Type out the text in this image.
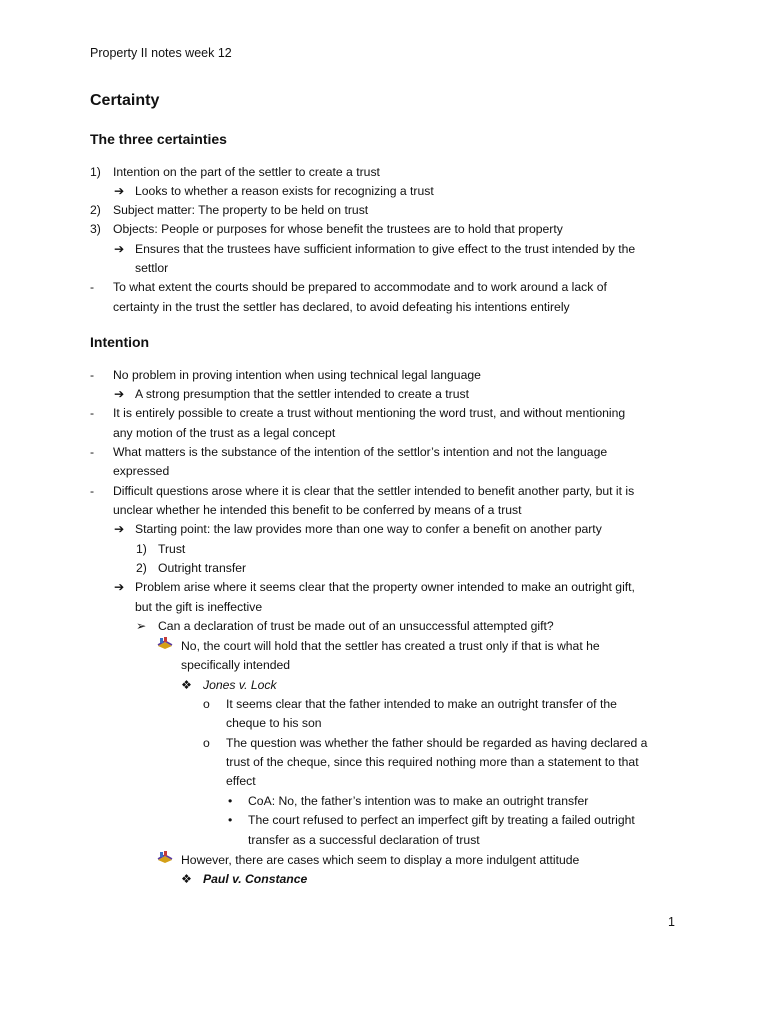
Property II notes week 12
Certainty
The three certainties
1) Intention on the part of the settler to create a trust
➔ Looks to whether a reason exists for recognizing a trust
2) Subject matter: The property to be held on trust
3) Objects: People or purposes for whose benefit the trustees are to hold that property
➔ Ensures that the trustees have sufficient information to give effect to the trust intended by the
settlor
- To what extent the courts should be prepared to accommodate and to work around a lack of
certainty in the trust the settler has declared, to avoid defeating his intentions entirely
Intention
- No problem in proving intention when using technical legal language
➔ A strong presumption that the settler intended to create a trust
- It is entirely possible to create a trust without mentioning the word trust, and without mentioning
any motion of the trust as a legal concept
- What matters is the substance of the intention of the settlor’s intention and not the language
expressed
- Difficult questions arose where it is clear that the settler intended to benefit another party, but it is
unclear whether he intended this benefit to be conferred by means of a trust
➔ Starting point: the law provides more than one way to confer a benefit on another party
1) Trust
2) Outright transfer
➔ Problem arise where it seems clear that the property owner intended to make an outright gift,
but the gift is ineffective
➢ Can a declaration of trust be made out of an unsuccessful attempted gift?
No, the court will hold that the settler has created a trust only if that is what he
specifically intended
❖ Jones v. Lock
o It seems clear that the father intended to make an outright transfer of the
cheque to his son
o The question was whether the father should be regarded as having declared a
trust of the cheque, since this required nothing more than a statement to that
effect
• CoA: No, the father’s intention was to make an outright transfer
• The court refused to perfect an imperfect gift by treating a failed outright
transfer as a successful declaration of trust
However, there are cases which seem to display a more indulgent attitude
❖ Paul v. Constance
1
